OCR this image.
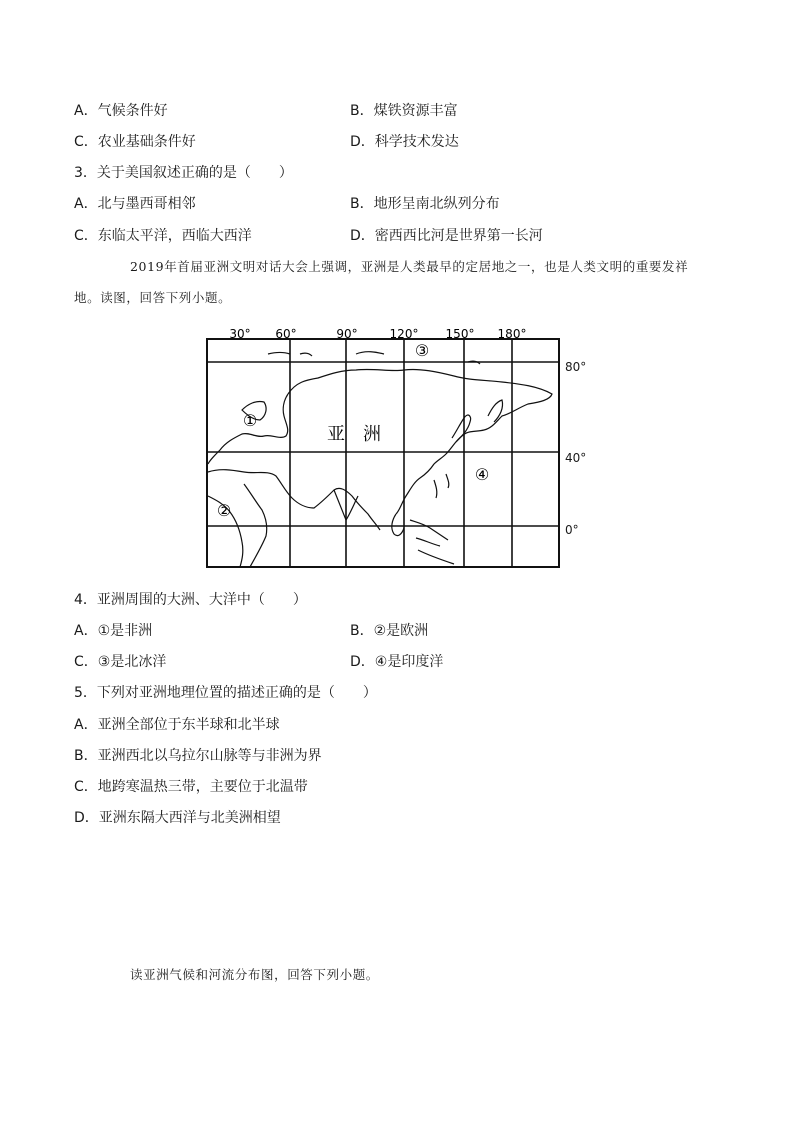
A．气候条件好	B．煤铁资源丰富
C．农业基础条件好	D．科学技术发达
3．关于美国叙述正确的是（　　）
A．北与墨西哥相邻	B．地形呈南北纵列分布
C．东临太平洋，西临大西洋	D．密西西比河是世界第一长河
2019年首届亚洲文明对话大会上强调，亚洲是人类最早的定居地之一，也是人类文明的重要发祥
地。读图，回答下列小题。
30° 60°	90°	120° 150° 180°
①
②
③
④
亚　洲
80°
40°
0°
4．亚洲周围的大洲、大洋中（　　）
A．①是非洲	B．②是欧洲
C．③是北冰洋	D．④是印度洋
5．下列对亚洲地理位置的描述正确的是（　　）
A．亚洲全部位于东半球和北半球
B．亚洲西北以乌拉尔山脉等与非洲为界
C．地跨寒温热三带，主要位于北温带
D．亚洲东隔大西洋与北美洲相望
读亚洲气候和河流分布图，回答下列小题。
